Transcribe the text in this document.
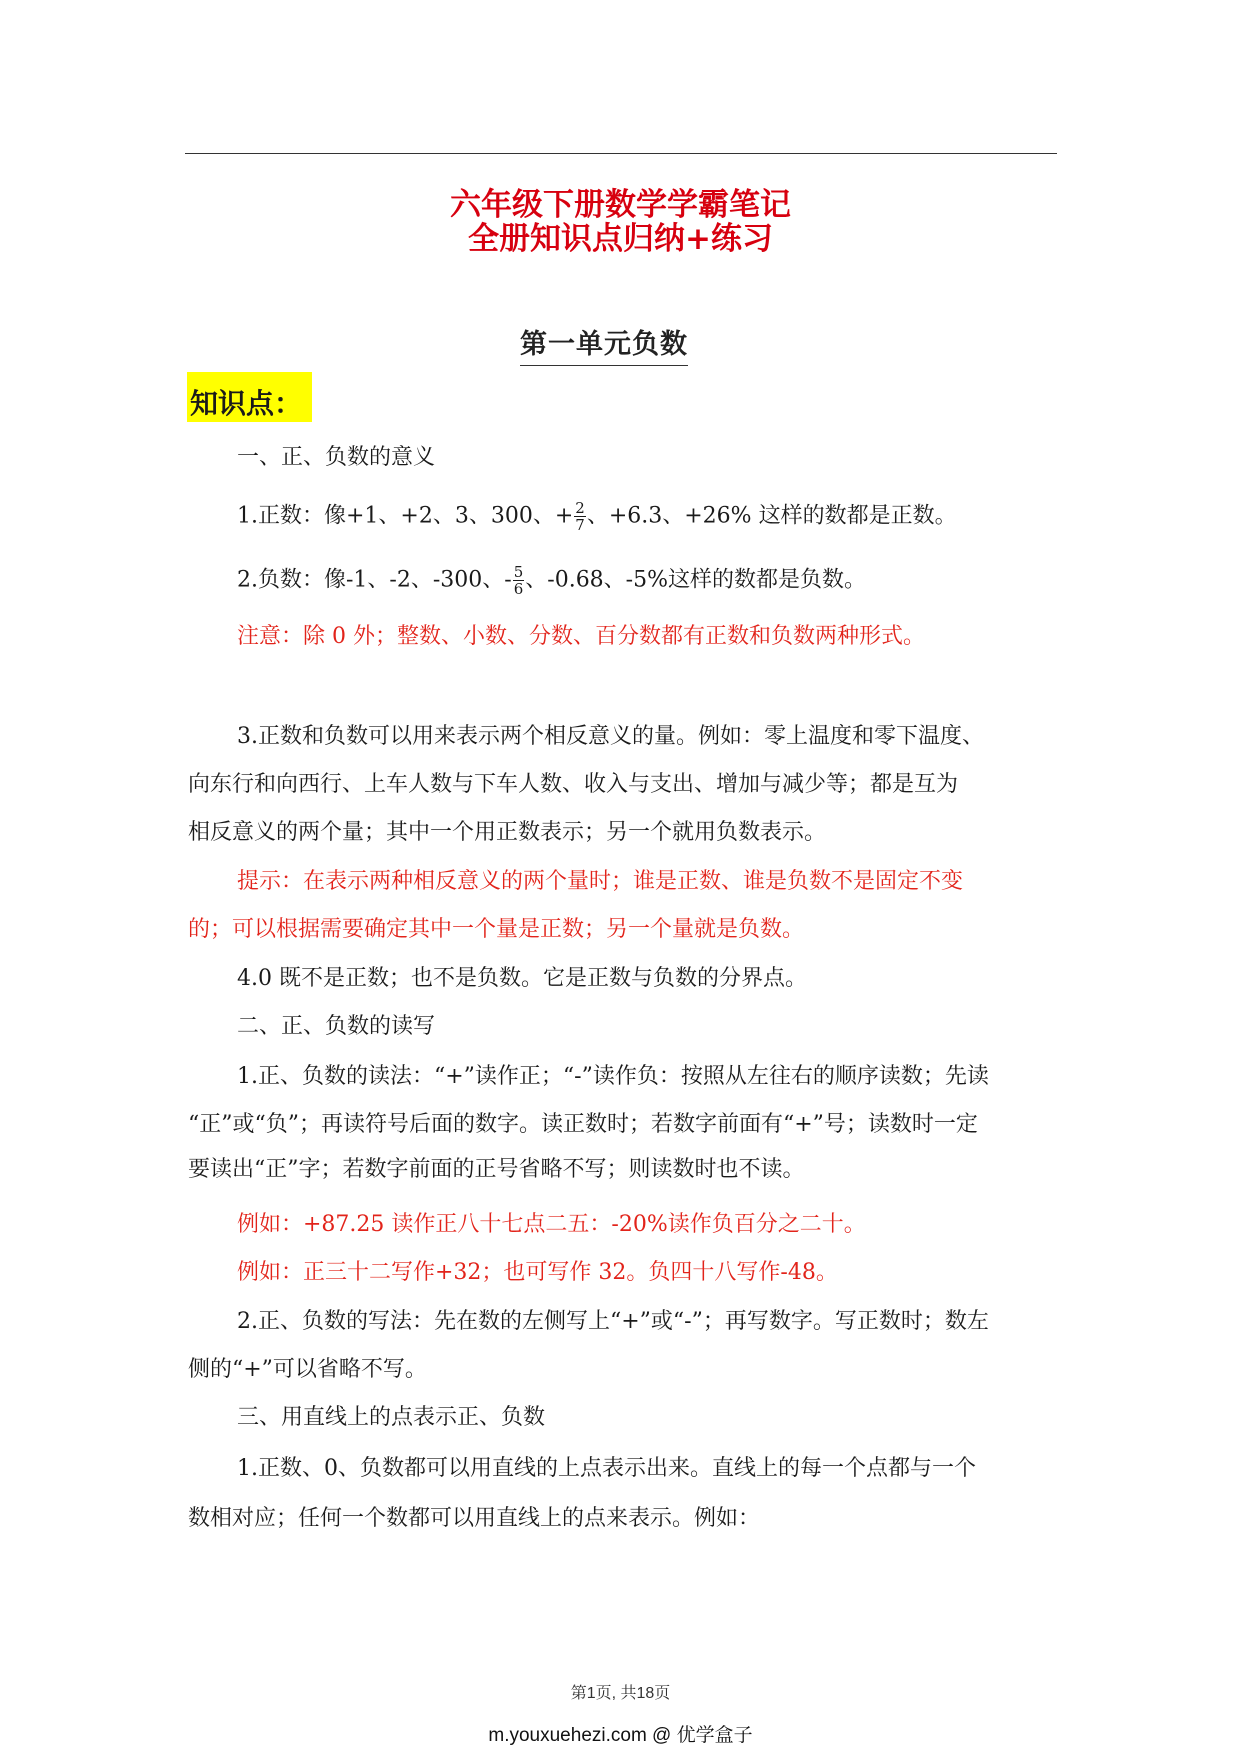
六年级下册数学学霸笔记
全册知识点归纳+练习
第一单元负数
知识点：
一、正、负数的意义
1.正数：像+1、+2、3、300、+ $\frac{2}{7}$ 、+6.3、+26% 这样的数都是正数。
2.负数：像-1、-2、-300、- $\frac{5}{6}$ 、-0.68、-5%这样的数都是负数。
注意：除 0 外；整数、小数、分数、百分数都有正数和负数两种形式。
3.正数和负数可以用来表示两个相反意义的量。例如：零上温度和零下温度、
向东行和向西行、上车人数与下车人数、收入与支出、增加与减少等；都是互为
相反意义的两个量；其中一个用正数表示；另一个就用负数表示。
提示：在表示两种相反意义的两个量时；谁是正数、谁是负数不是固定不变
的；可以根据需要确定其中一个量是正数；另一个量就是负数。
4.0 既不是正数；也不是负数。它是正数与负数的分界点。
二、正、负数的读写
1.正、负数的读法：“+”读作正；“-”读作负：按照从左往右的顺序读数；先读
“正”或“负”；再读符号后面的数字。读正数时；若数字前面有“+”号；读数时一定
要读出“正”字；若数字前面的正号省略不写；则读数时也不读。
例如：+87.25 读作正八十七点二五：-20%读作负百分之二十。
例如：正三十二写作+32；也可写作 32。负四十八写作-48。
2.正、负数的写法：先在数的左侧写上“+”或“-”；再写数字。写正数时；数左
侧的“+”可以省略不写。
三、用直线上的点表示正、负数
1.正数、0、负数都可以用直线的上点表示出来。直线上的每一个点都与一个
数相对应；任何一个数都可以用直线上的点来表示。例如：
第1页, 共18页
m.youxuehezi.com @ 优学盒子
